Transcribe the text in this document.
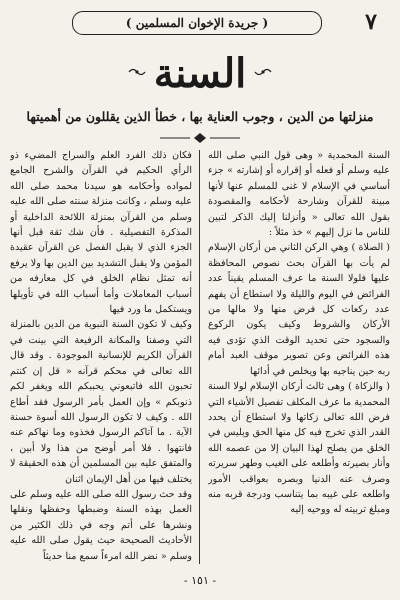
( جريدة الإخوان المسلمين )	٧
السنة
منزلتها من الدين ، وجوب العناية بها ، خطأ الذين يقللون من أهميتها

السنة المحمدية « وهى قول النبي صلى الله عليه وسلم أو فعله أو إقراره أو إشارته » جزء أساسي في الإسلام لا غنى للمسلم عنها لأنها مبينة للقرآن وشارحة لأحكامه والمقصودة بقول الله تعالى « وأنزلنا إليك الذكر لتبين للناس ما نزل إليهم » خذ مثلاً :

( الصلاة ) وهي الركن الثاني من أركان الإسلام لم يأت بها القرآن بحث نصوص المحافظة عليها فلولا السنة ما عرف المسلم يقيناً عدد الفرائض في اليوم والليلة ولا استطاع أن يفهم عدد ركعات كل فرض منها ولا مالها من الأركان والشروط وكيف يكون الركوع والسجود حتى تحديد الوقت الذي تؤدى فيه هذه الفرائض وعن تصوير موقف العبد أمام ربه حين يناجيه بها ويخلص في أدائها

( والزكاة ) وهى ثالث أركان الإسلام لولا السنة المحمدية ما عرف المكلف تفصيل الأشياء التي فرض الله تعالى زكاتها ولا استطاع أن يحدد القدر الذي تخرج فيه كل منها الحق ويليس في الخلق من يصلح لهذا البيان إلا من عصمه الله وأنار بصيرته وأطلعه على الغيب وطهر سريرته وصرف عنه الدنيا وبصره بعواقب الأمور واطلعه على غيبه بما يتناسب ودرجة قربه منه ومبلغ تربيته له ووحيه إليه

فكان ذلك الفرد العلم والسراج المضيء ذو الرأي الحكيم في القرآن والشرح الجامع لمواده وأحكامه هو سيدنا محمد صلى الله عليه وسلم ، وكانت منزلة سنته صلى الله عليه وسلم من القرآن بمنزلة اللائحة الداخلية أو المذكرة التفصيلية . فأن شك ثقة قبل أنها الجزء الذي لا يقبل الفصل عن القرآن عقيدة المؤمن ولا يقبل التشديد بين الدين بها ولا يرفع أنه تمثل نظام الخلق في كل معارفه من أسباب المعاملات وأما أسباب الله في تأويلها ويستكمل ما ورد فيها

وكيف لا تكون السنة النبوية من الدين بالمنزلة التي وصفنا والمكانة الرفيعة التي بينت في القرآن الكريم للإنسانية الموجودة . وقد قال الله تعالى في محكم قرآنه « قل إن كنتم تحبون الله فاتبعوني يحببكم الله ويغفر لكم ذنوبكم » وإن العمل بأمر الرسول فقد أطاع الله . وكيف لا تكون الرسول الله أسوة حسنة الآية . ما آتاكم الرسول فخذوه وما نهاكم عنه فانتهوا . فلا أمر أوضح من هذا ولا أبين ، والمتفق عليه بين المسلمين أن هذه الحقيقة لا يختلف فيها من أهل الإيمان اثنان

وقد حث رسول الله صلى الله عليه وسلم على العمل بهذه السنة وضبطها وحفظها ونقلها ونشرها على أتم وجه في ذلك الكثير من الأحاديث الصحيحة حيث يقول صلى الله عليه وسلم « نضر الله امرءاً سمع منا حديثاً

- ١٥١ -
